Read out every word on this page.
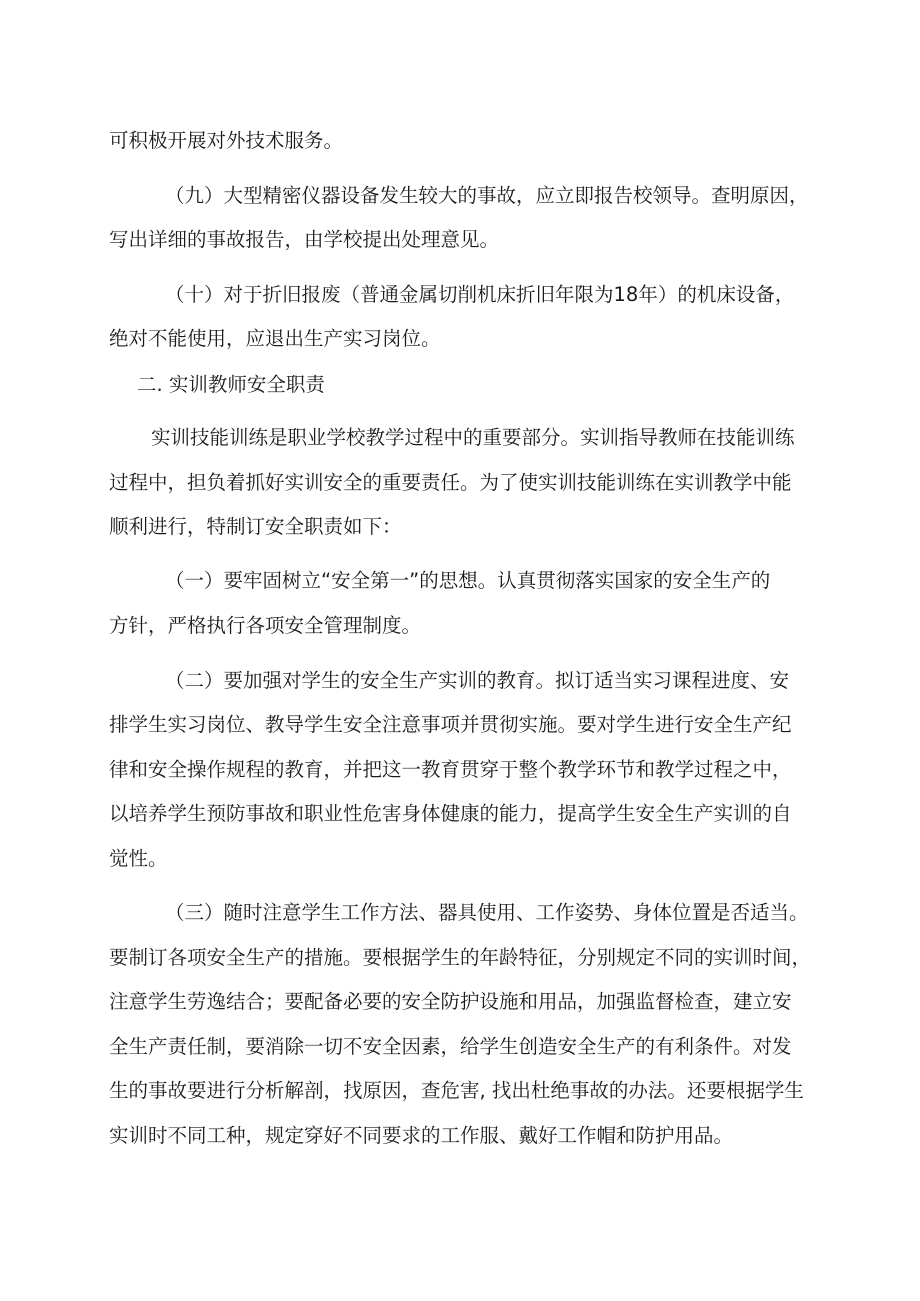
可积极开展对外技术服务。
（九）大型精密仪器设备发生较大的事故，应立即报告校领导。查明原因，
写出详细的事故报告，由学校提出处理意见。
（十）对于折旧报废（普通金属切削机床折旧年限为18年）的机床设备，
绝对不能使用，应退出生产实习岗位。
二. 实训教师安全职责
实训技能训练是职业学校教学过程中的重要部分。实训指导教师在技能训练
过程中，担负着抓好实训安全的重要责任。为了使实训技能训练在实训教学中能
顺利进行，特制订安全职责如下：
（一）要牢固树立“安全第一”的思想。认真贯彻落实国家的安全生产的
方针，严格执行各项安全管理制度。
（二）要加强对学生的安全生产实训的教育。拟订适当实习课程进度、安
排学生实习岗位、教导学生安全注意事项并贯彻实施。要对学生进行安全生产纪
律和安全操作规程的教育，并把这一教育贯穿于整个教学环节和教学过程之中，
以培养学生预防事故和职业性危害身体健康的能力，提高学生安全生产实训的自
觉性。
（三）随时注意学生工作方法、器具使用、工作姿势、身体位置是否适当。
要制订各项安全生产的措施。要根据学生的年龄特征，分别规定不同的实训时间，
注意学生劳逸结合；要配备必要的安全防护设施和用品，加强监督检查，建立安
全生产责任制，要消除一切不安全因素，给学生创造安全生产的有利条件。对发
生的事故要进行分析解剖，找原因，查危害, 找出杜绝事故的办法。还要根据学生
实训时不同工种，规定穿好不同要求的工作服、戴好工作帽和防护用品。
